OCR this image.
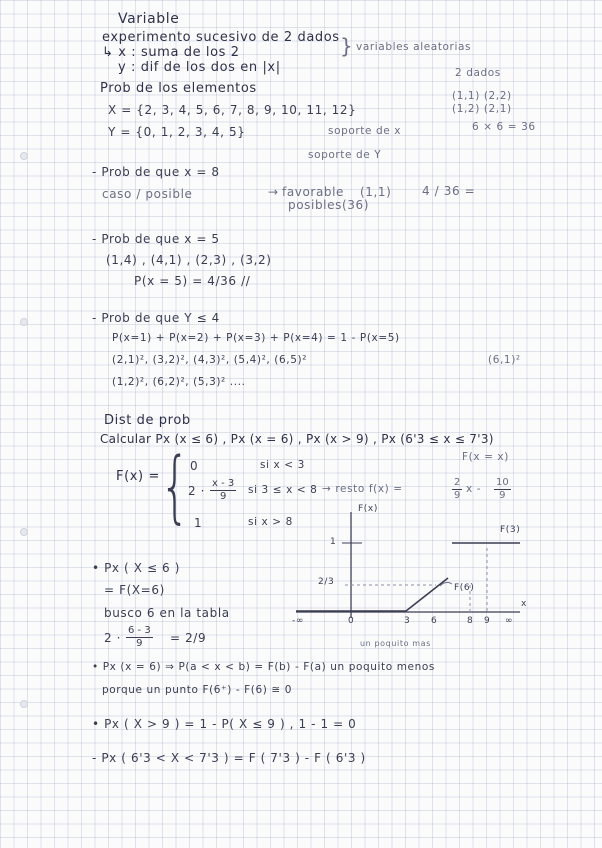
Variable
experimento sucesivo de 2 dados
↳ x : suma de los 2
y : dif de los dos en |x|
} variables aleatorias
2 dados
Prob de los elementos
X = {2, 3, 4, 5, 6, 7, 8, 9, 10, 11, 12}
Y = {0, 1, 2, 3, 4, 5}	soporte de x
soporte de Y
(1,1) (2,2)
(1,2) (2,1)
6 × 6 = 36
- Prob de que x = 8
caso / posible	→ favorable
posibles
(1,1)
(36)
4 / 36 =
- Prob de que x = 5
(1,4) , (4,1) , (2,3) , (3,2)
P(x = 5) = 4/36 //
- Prob de que Y ≤ 4
P(x=1) + P(x=2) + P(x=3) + P(x=4) = 1 - P(x=5)
(2,1)², (3,2)², (4,3)², (5,4)², (6,5)²	(6,1)²
(1,2)², (6,2)², (5,3)² ....
Dist de prob
Calcular Px (x ≤ 6) , Px (x = 6) , Px (x > 9) , Px (6'3 ≤ x ≤ 7'3)
F(x = x)
F(x) = { 0	si x < 3
$2 \cdot \frac{x - 3}{9}$ si 3 ≤ x < 8 → resto f(x) =	$\frac{2}{9}$ x - $\frac{10}{9}$
1	si x > 8
F(x)
1
2/3
x
F(3)
F(6)
-∞	0	3 6	8 9 ∞
un poquito mas
• Px ( X ≤ 6 )
= F(X=6)
busco 6 en la tabla
$2 \cdot \frac{6 - 3}{9} = 2/9$
• Px (x = 6) ⇒ P(a < x < b) = F(b) - F(a) un poquito menos
porque un punto F(6⁺) - F(6) ≅ 0
• Px ( X > 9 ) = 1 - P( X ≤ 9 ) , 1 - 1 = 0
- Px ( 6'3 < X < 7'3 ) = F ( 7'3 ) - F ( 6'3 )
